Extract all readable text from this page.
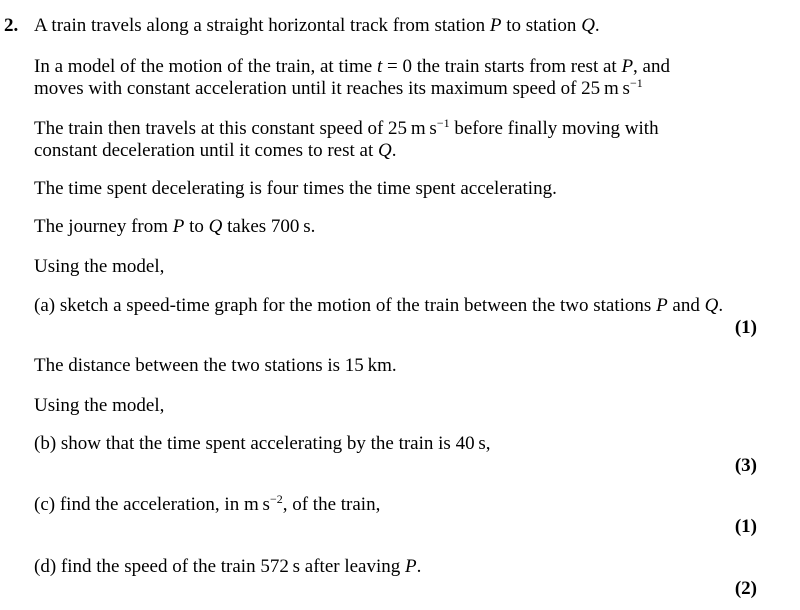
2. A train travels along a straight horizontal track from station P to station Q.
In a model of the motion of the train, at time t = 0 the train starts from rest at P, and
moves with constant acceleration until it reaches its maximum speed of 25 m $s^{-1}$
The train then travels at this constant speed of 25 m $s^{-1}$ before finally moving with
constant deceleration until it comes to rest at Q.
The time spent decelerating is four times the time spent accelerating.
The journey from P to Q takes 700 s.
Using the model,
(a) sketch a speed-time graph for the motion of the train between the two stations P and Q.
(1)
The distance between the two stations is 15 km.
Using the model,
(b) show that the time spent accelerating by the train is 40 s,
(3)
(c) find the acceleration, in m $s^{-2}$, of the train,
(1)
(d) find the speed of the train 572 s after leaving P.
(2)
